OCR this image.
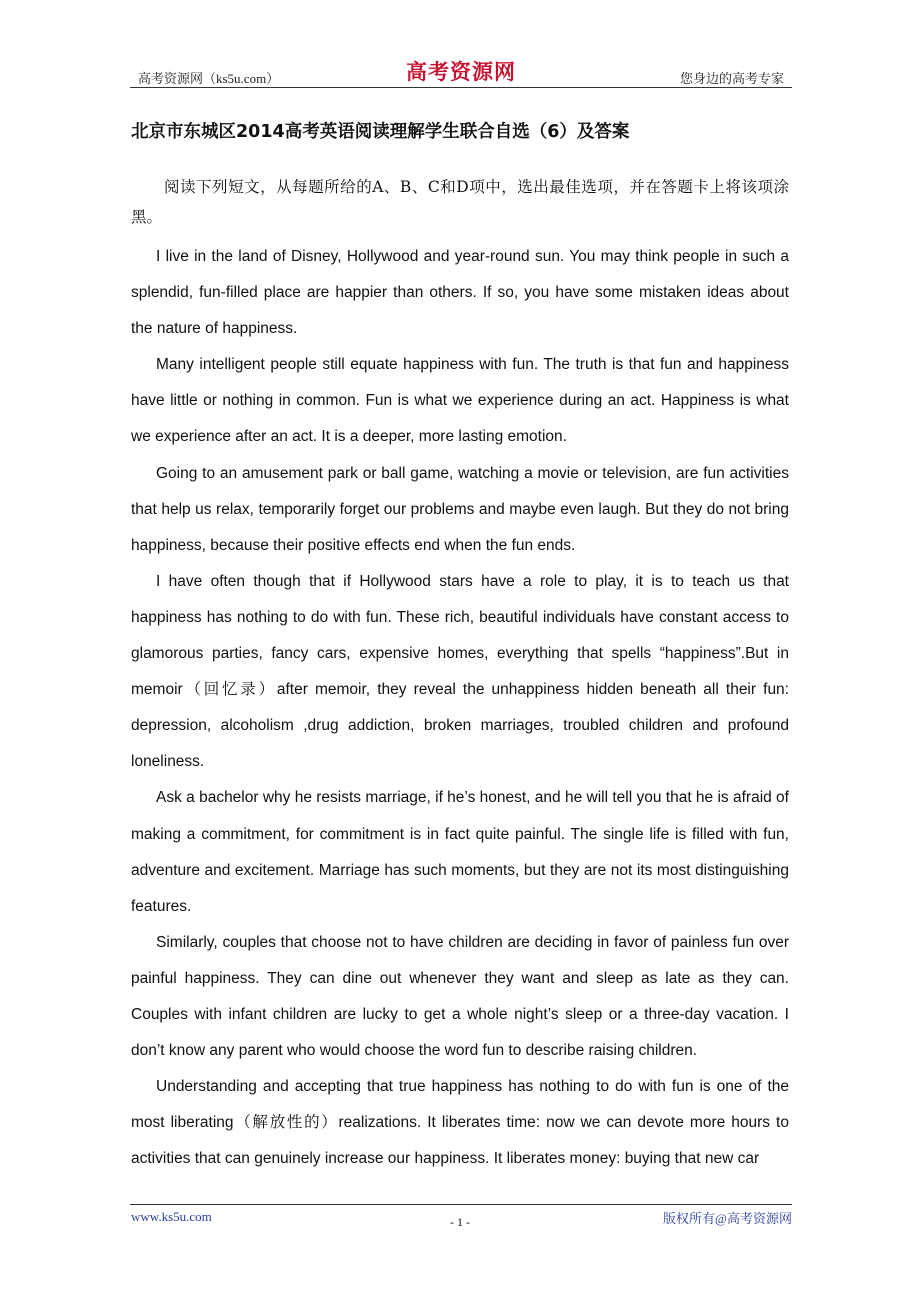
高考资源网（ks5u.com）	高考资源网	您身边的高考专家
北京市东城区2014高考英语阅读理解学生联合自选（6）及答案
阅读下列短文，从每题所给的A、B、C和D项中，选出最佳选项，并在答题卡上将该项涂黑。

I live in the land of Disney, Hollywood and year-round sun. You may think people in such a splendid, fun-filled place are happier than others. If so, you have some mistaken ideas about the nature of happiness.

Many intelligent people still equate happiness with fun. The truth is that fun and happiness have little or nothing in common. Fun is what we experience during an act. Happiness is what we experience after an act. It is a deeper, more lasting emotion.

Going to an amusement park or ball game, watching a movie or television, are fun activities that help us relax, temporarily forget our problems and maybe even laugh. But they do not bring happiness, because their positive effects end when the fun ends.

I have often though that if Hollywood stars have a role to play, it is to teach us that happiness has nothing to do with fun. These rich, beautiful individuals have constant access to glamorous parties, fancy cars, expensive homes, everything that spells “happiness”.But in memoir（回忆录）after memoir, they reveal the unhappiness hidden beneath all their fun: depression, alcoholism ,drug addiction, broken marriages, troubled children and profound loneliness.

Ask a bachelor why he resists marriage, if he’s honest, and he will tell you that he is afraid of making a commitment, for commitment is in fact quite painful. The single life is filled with fun, adventure and excitement. Marriage has such moments, but they are not its most distinguishing features.

Similarly, couples that choose not to have children are deciding in favor of painless fun over painful happiness. They can dine out whenever they want and sleep as late as they can. Couples with infant children are lucky to get a whole night’s sleep or a three-day vacation. I don’t know any parent who would choose the word fun to describe raising children.

Understanding and accepting that true happiness has nothing to do with fun is one of the most liberating（解放性的）realizations. It liberates time: now we can devote more hours to activities that can genuinely increase our happiness. It liberates money: buying that new car

www.ks5u.com	- 1 -	版权所有@高考资源网
